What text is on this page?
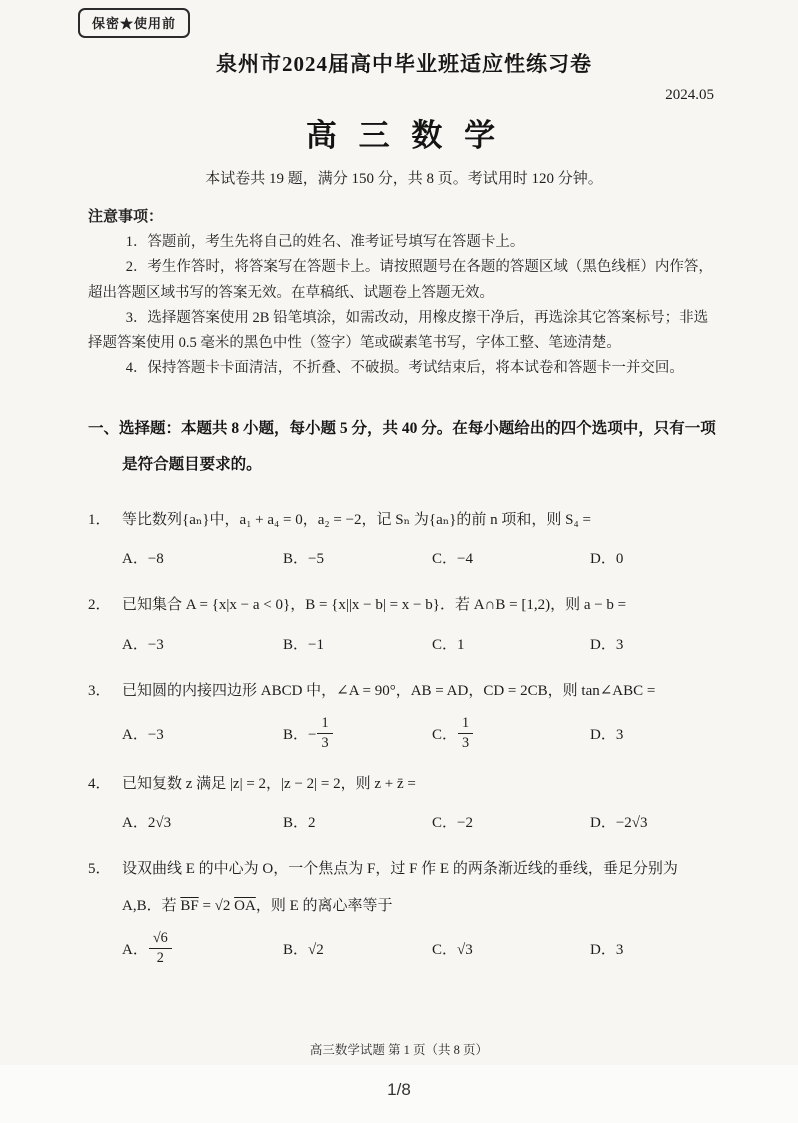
保密★使用前
泉州市2024届高中毕业班适应性练习卷
2024.05
高 三 数 学
本试卷共 19 题，满分 150 分，共 8 页。考试用时 120 分钟。
注意事项：

1．答题前，考生先将自己的姓名、准考证号填写在答题卡上。

2．考生作答时，将答案写在答题卡上。请按照题号在各题的答题区域（黑色线框）内作答，超出答题区域书写的答案无效。在草稿纸、试题卷上答题无效。

3．选择题答案使用 2B 铅笔填涂，如需改动，用橡皮擦干净后，再选涂其它答案标号；非选择题答案使用 0.5 毫米的黑色中性（签字）笔或碳素笔书写，字体工整、笔迹清楚。

4．保持答题卡卡面清洁，不折叠、不破损。考试结束后，将本试卷和答题卡一并交回。

一、选择题：本题共 8 小题，每小题 5 分，共 40 分。在每小题给出的四个选项中，只有一项
是符合题目要求的。
1． 等比数列{aₙ}中，a₁ + a₄ = 0，a₂ = −2，记 Sₙ 为{aₙ}的前 n 项和，则 S₄ =
A．−8	B．−5	C．−4	D．0
2． 已知集合 A = {x|x − a < 0}，B = {x||x − b| = x − b}．若 A∩B = [1,2)，则 a − b =
A．−3	B．−1	C．1	D．3
3． 已知圆的内接四边形 ABCD 中，∠A = 90°，AB = AD，CD = 2CB，则 tan∠ABC =
A．−3	B．− $\frac{1}{3}$	C． $\frac{1}{3}$	D．3
4． 已知复数 z 满足 |z| = 2，|z − 2| = 2，则 z + z̄ =
A．2√3	B．2	C．−2	D．−2√3
5． 设双曲线 E 的中心为 O，一个焦点为 F，过 F 作 E 的两条渐近线的垂线，垂足分别为
A,B．若 $\overline{BF} = √2$ $\overline{OA}$，则 E 的离心率等于
A． $\frac{√6}{2}$	B．√2	C．√3	D．3
高三数学试题 第 1 页（共 8 页）
1/8
